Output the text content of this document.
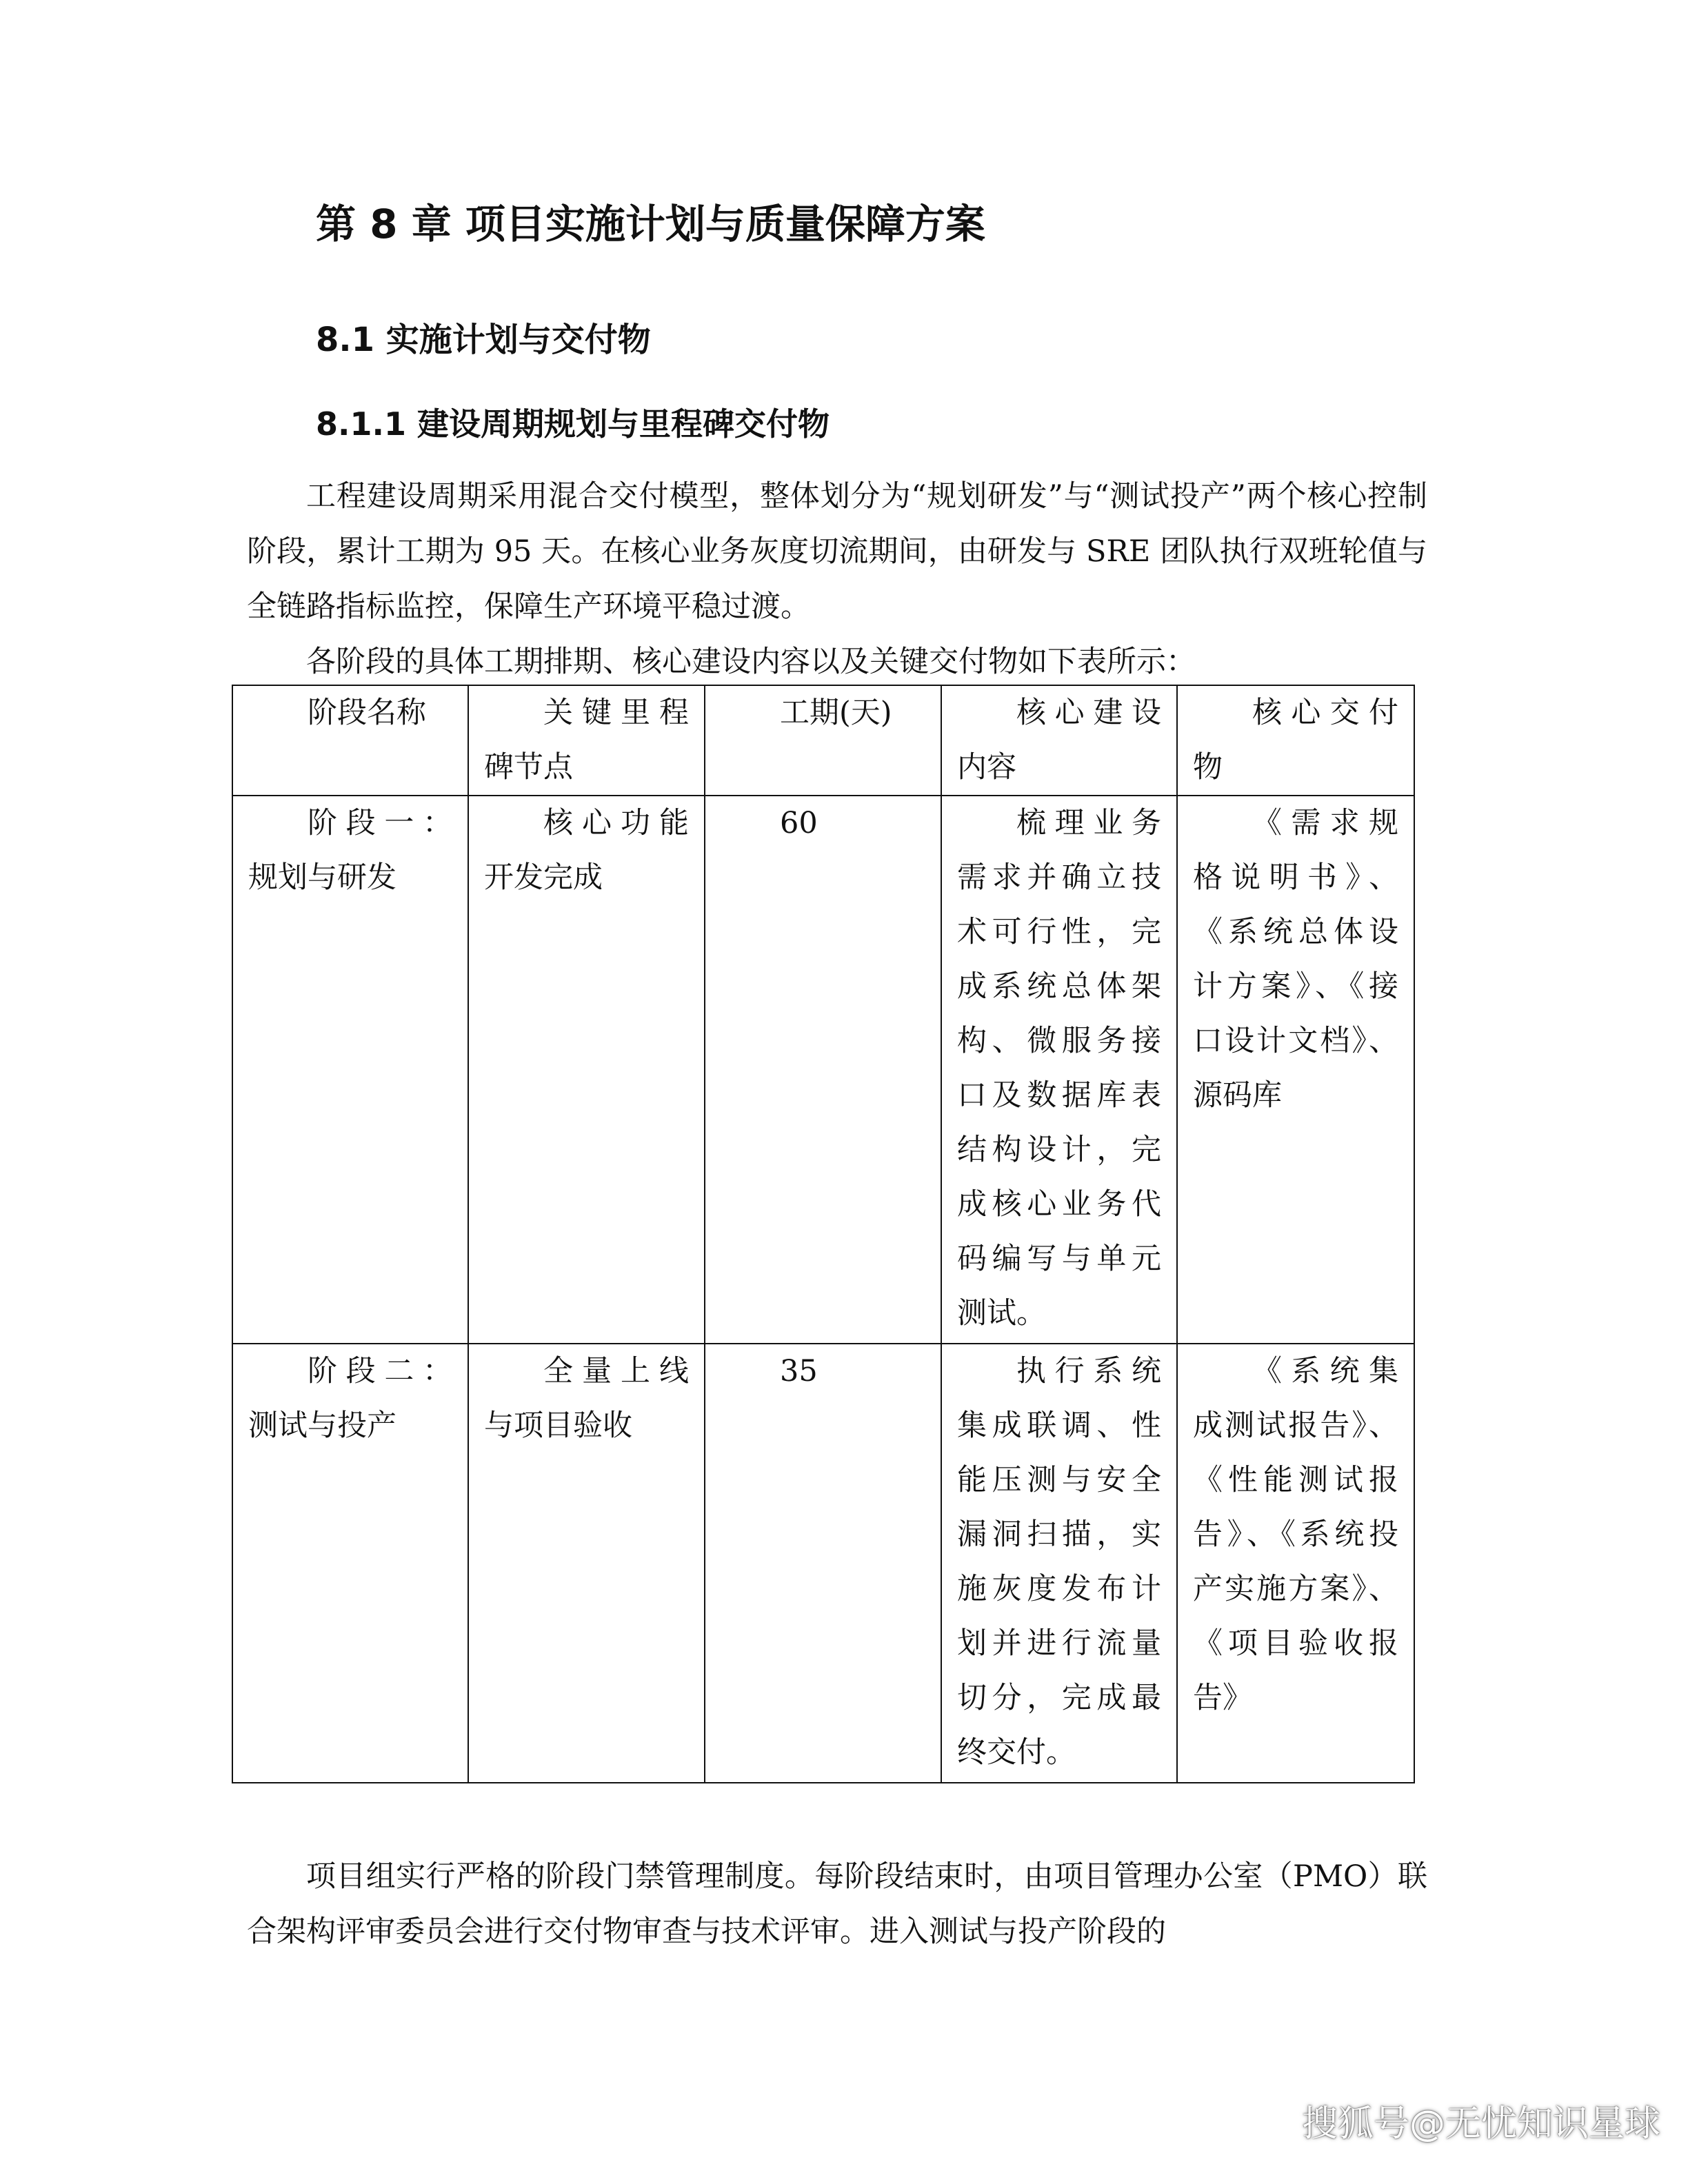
第 8 章 项目实施计划与质量保障方案
8.1 实施计划与交付物
8.1.1 建设周期规划与里程碑交付物

工程建设周期采用混合交付模型，整体划分为“规划研发”与“测试投产”两个核心控制阶段，累计工期为 95 天。在核心业务灰度切流期间，由研发与 SRE 团队执行双班轮值与全链路指标监控，保障生产环境平稳过渡。

各阶段的具体工期排期、核心建设内容以及关键交付物如下表所示：

阶段名称	关键里程碑节点	工期(天)	核心建设内容	核心交付物
阶段一：规划与研发	核心功能开发完成	60	梳理业务需求并确立技术可行性，完成系统总体架构、微服务接口及数据库表结构设计，完成核心业务代码编写与单元测试。	《需求规格说明书》、《系统总体设计方案》、《接口设计文档》、源码库
阶段二：测试与投产	全量上线与项目验收	35	执行系统集成联调、性能压测与安全漏洞扫描，实施灰度发布计划并进行流量切分，完成最终交付。	《系统集成测试报告》、《性能测试报告》、《系统投产实施方案》、《项目验收报告》

项目组实行严格的阶段门禁管理制度。每阶段结束时，由项目管理办公室（PMO）联合架构评审委员会进行交付物审查与技术评审。进入测试与投产阶段的

搜狐号@无忧知识星球
